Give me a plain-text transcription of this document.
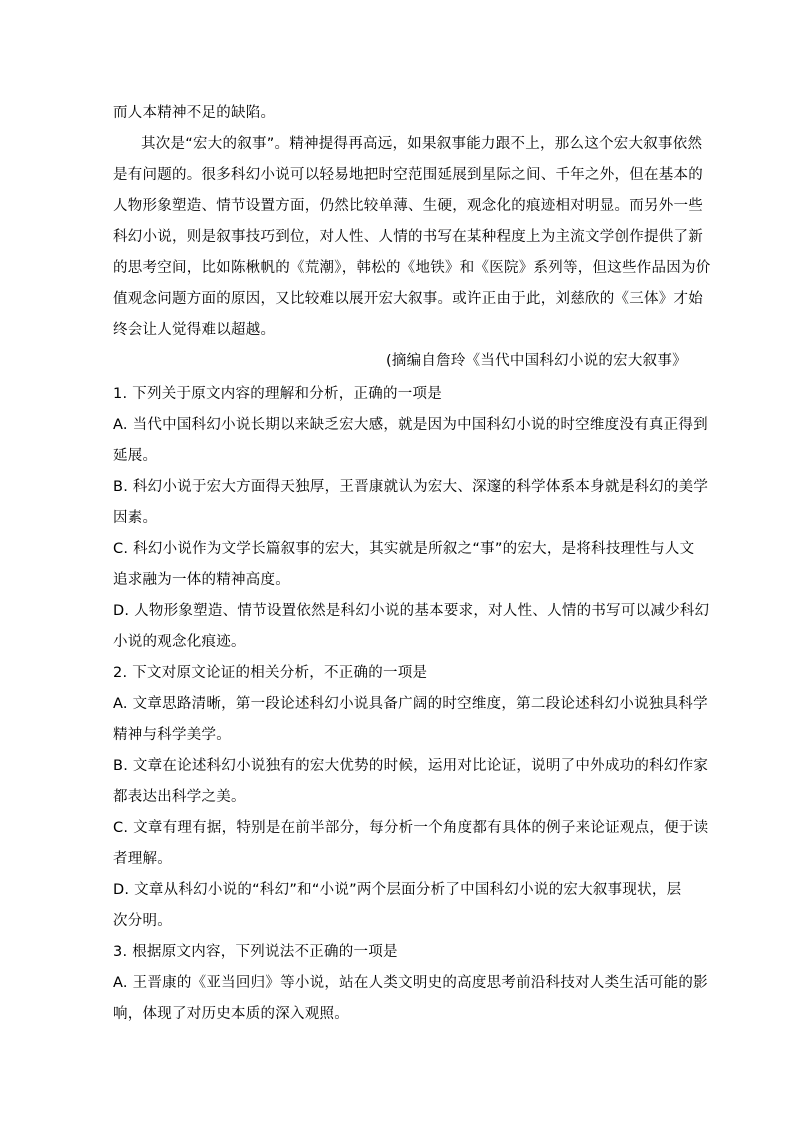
而人本精神不足的缺陷。
其次是“宏大的叙事”。精神提得再高远，如果叙事能力跟不上，那么这个宏大叙事依然
是有问题的。很多科幻小说可以轻易地把时空范围延展到星际之间、千年之外，但在基本的
人物形象塑造、情节设置方面，仍然比较单薄、生硬，观念化的痕迹相对明显。而另外一些
科幻小说，则是叙事技巧到位，对人性、人情的书写在某种程度上为主流文学创作提供了新
的思考空间，比如陈楸帆的《荒潮》，韩松的《地铁》和《医院》系列等，但这些作品因为价
值观念问题方面的原因，又比较难以展开宏大叙事。或许正由于此，刘慈欣的《三体》才始
终会让人觉得难以超越。
(摘编自詹玲《当代中国科幻小说的宏大叙事》
1. 下列关于原文内容的理解和分析，正确的一项是
A. 当代中国科幻小说长期以来缺乏宏大感，就是因为中国科幻小说的时空维度没有真正得到
延展。
B. 科幻小说于宏大方面得天独厚，王晋康就认为宏大、深邃的科学体系本身就是科幻的美学
因素。
C. 科幻小说作为文学长篇叙事的宏大，其实就是所叙之“事”的宏大，是将科技理性与人文
追求融为一体的精神高度。
D. 人物形象塑造、情节设置依然是科幻小说的基本要求，对人性、人情的书写可以减少科幻
小说的观念化痕迹。
2. 下文对原文论证的相关分析，不正确的一项是
A. 文章思路清晰，第一段论述科幻小说具备广阔的时空维度，第二段论述科幻小说独具科学
精神与科学美学。
B. 文章在论述科幻小说独有的宏大优势的时候，运用对比论证，说明了中外成功的科幻作家
都表达出科学之美。
C. 文章有理有据，特别是在前半部分，每分析一个角度都有具体的例子来论证观点，便于读
者理解。
D. 文章从科幻小说的“科幻”和“小说”两个层面分析了中国科幻小说的宏大叙事现状，层
次分明。
3. 根据原文内容，下列说法不正确的一项是
A. 王晋康的《亚当回归》等小说，站在人类文明史的高度思考前沿科技对人类生活可能的影
响，体现了对历史本质的深入观照。
